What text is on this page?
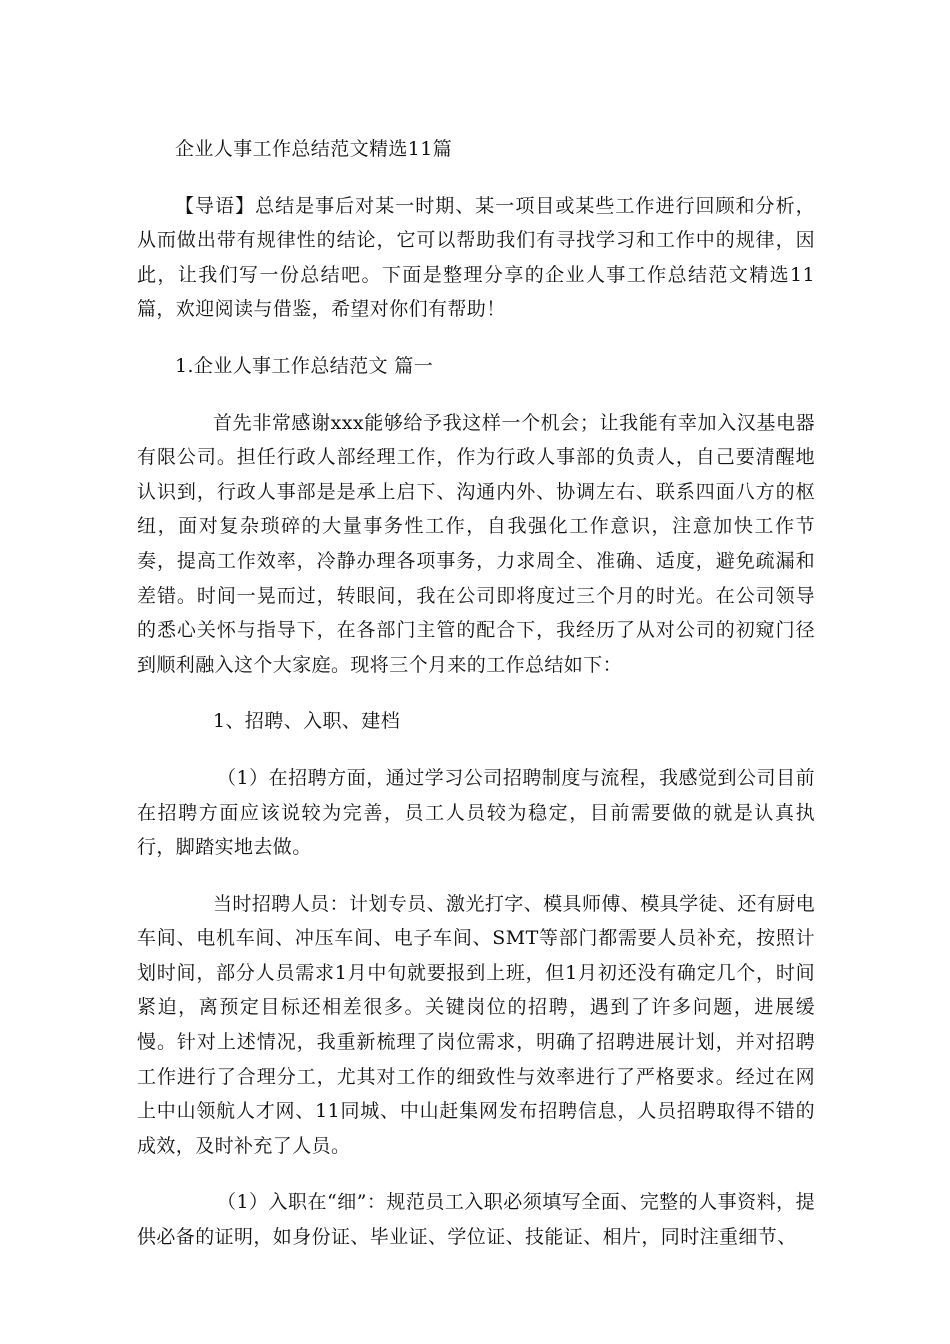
企业人事工作总结范文精选11篇

【导语】总结是事后对某一时期、某一项目或某些工作进行回顾和分析，从而做出带有规律性的结论，它可以帮助我们有寻找学习和工作中的规律，因此，让我们写一份总结吧。下面是整理分享的企业人事工作总结范文精选11篇，欢迎阅读与借鉴，希望对你们有帮助！

1.企业人事工作总结范文 篇一

首先非常感谢xxx能够给予我这样一个机会；让我能有幸加入汉基电器有限公司。担任行政人部经理工作，作为行政人事部的负责人，自己要清醒地认识到，行政人事部是是承上启下、沟通内外、协调左右、联系四面八方的枢纽，面对复杂琐碎的大量事务性工作，自我强化工作意识，注意加快工作节奏，提高工作效率，冷静办理各项事务，力求周全、准确、适度，避免疏漏和差错。时间一晃而过，转眼间，我在公司即将度过三个月的时光。在公司领导的悉心关怀与指导下，在各部门主管的配合下，我经历了从对公司的初窥门径到顺利融入这个大家庭。现将三个月来的工作总结如下：

1、招聘、入职、建档

（1）在招聘方面，通过学习公司招聘制度与流程，我感觉到公司目前在招聘方面应该说较为完善，员工人员较为稳定，目前需要做的就是认真执行，脚踏实地去做。

当时招聘人员：计划专员、激光打字、模具师傅、模具学徒、还有厨电车间、电机车间、冲压车间、电子车间、SMT等部门都需要人员补充，按照计划时间，部分人员需求1月中旬就要报到上班，但1月初还没有确定几个，时间紧迫，离预定目标还相差很多。关键岗位的招聘，遇到了许多问题，进展缓慢。针对上述情况，我重新梳理了岗位需求，明确了招聘进展计划，并对招聘工作进行了合理分工，尤其对工作的细致性与效率进行了严格要求。经过在网上中山领航人才网、11同城、中山赶集网发布招聘信息，人员招聘取得不错的成效，及时补充了人员。

（1）入职在“细”：规范员工入职必须填写全面、完整的人事资料，提供必备的证明，如身份证、毕业证、学位证、技能证、相片，同时注重细节、
